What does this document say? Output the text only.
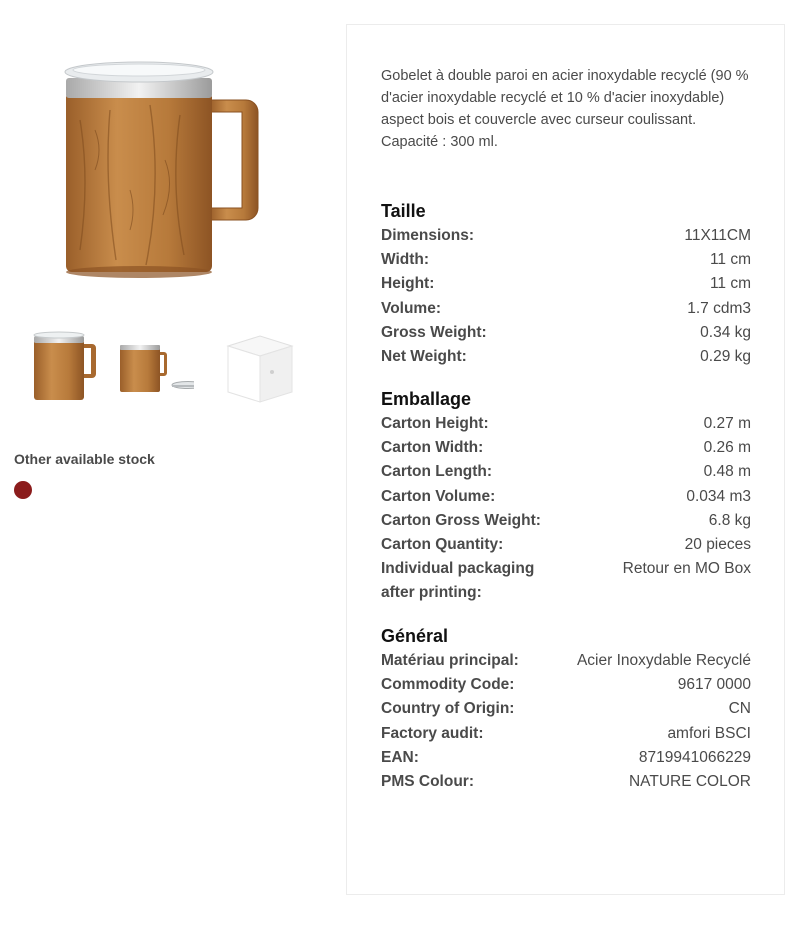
Other available stock

Gobelet à double paroi en acier inoxydable recyclé (90 % d'acier inoxydable recyclé et 10 % d'acier inoxydable) aspect bois et couvercle avec curseur coulissant. Capacité : 300 ml.

Taille
Dimensions:	11X11CM
Width:	11 cm
Height:	11 cm
Volume:	1.7 cdm3
Gross Weight:	0.34 kg
Net Weight:	0.29 kg
Emballage
Carton Height:	0.27 m
Carton Width:	0.26 m
Carton Length:	0.48 m
Carton Volume:	0.034 m3
Carton Gross Weight:	6.8 kg
Carton Quantity:	20 pieces
Individual packaging after printing:
Retour en MO Box
Général
Matériau principal:	Acier Inoxydable Recyclé
Commodity Code:	9617 0000
Country of Origin:	CN
Factory audit:	amfori BSCI
EAN:	8719941066229
PMS Colour:	NATURE COLOR
